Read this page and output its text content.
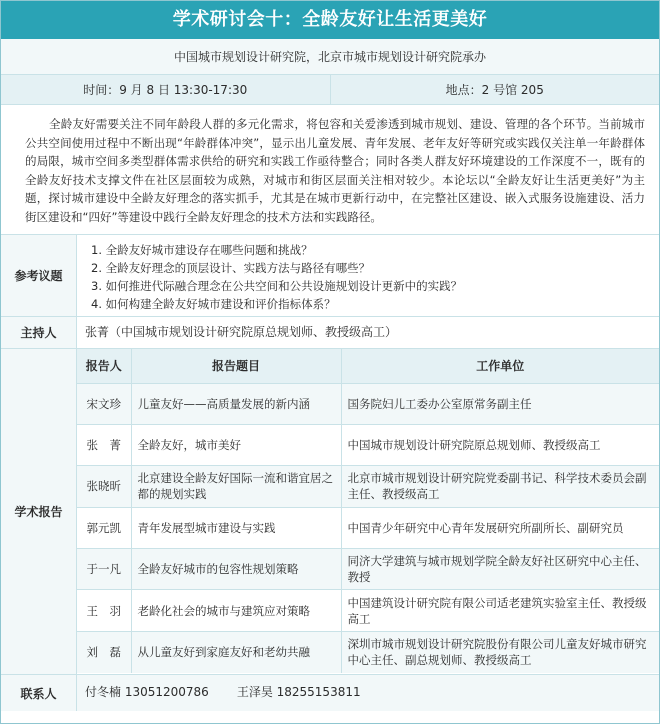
学术研讨会十：全龄友好让生活更美好
中国城市规划设计研究院，北京市城市规划设计研究院承办
时间：9 月 8 日 13:30-17:30	地点：2 号馆 205
全龄友好需要关注不同年龄段人群的多元化需求，将包容和关爱渗透到城市规划、建设、管理的各个环节。当前城市公共空间使用过程中不断出现“年龄群体冲突”，显示出儿童发展、青年发展、老年友好等研究或实践仅关注单一年龄群体的局限，城市空间多类型群体需求供给的研究和实践工作亟待整合；同时各类人群友好环境建设的工作深度不一，既有的全龄友好技术支撑文件在社区层面较为成熟，对城市和街区层面关注相对较少。本论坛以“全龄友好让生活更美好”为主题，探讨城市建设中全龄友好理念的落实抓手，尤其是在城市更新行动中，在完整社区建设、嵌入式服务设施建设、活力街区建设和“四好”等建设中践行全龄友好理念的技术方法和实践路径。
参考议题
1. 全龄友好城市建设存在哪些问题和挑战？
2. 全龄友好理念的顶层设计、实践方法与路径有哪些？
3. 如何推进代际融合理念在公共空间和公共设施规划设计更新中的实践？
4. 如何构建全龄友好城市建设和评价指标体系？
主持人	张菁（中国城市规划设计研究院原总规划师、教授级高工）
学术报告
报告人	报告题目	工作单位
宋文珍	儿童友好——高质量发展的新内涵	国务院妇儿工委办公室原常务副主任
张　菁	全龄友好，城市美好	中国城市规划设计研究院原总规划师、教授级高工
张晓昕	北京建设全龄友好国际一流和谐宜居之都的规划实践	北京市城市规划设计研究院党委副书记、科学技术委员会副主任、教授级高工
郭元凯	青年发展型城市建设与实践	中国青少年研究中心青年发展研究所副所长、副研究员
于一凡	全龄友好城市的包容性规划策略	同济大学建筑与城市规划学院全龄友好社区研究中心主任、教授
王　羽	老龄化社会的城市与建筑应对策略	中国建筑设计研究院有限公司适老建筑实验室主任、教授级高工
刘　磊	从儿童友好到家庭友好和老幼共融	深圳市城市规划设计研究院股份有限公司儿童友好城市研究中心主任、副总规划师、教授级高工
联系人	付冬楠 13051200786 王泽昊 18255153811
